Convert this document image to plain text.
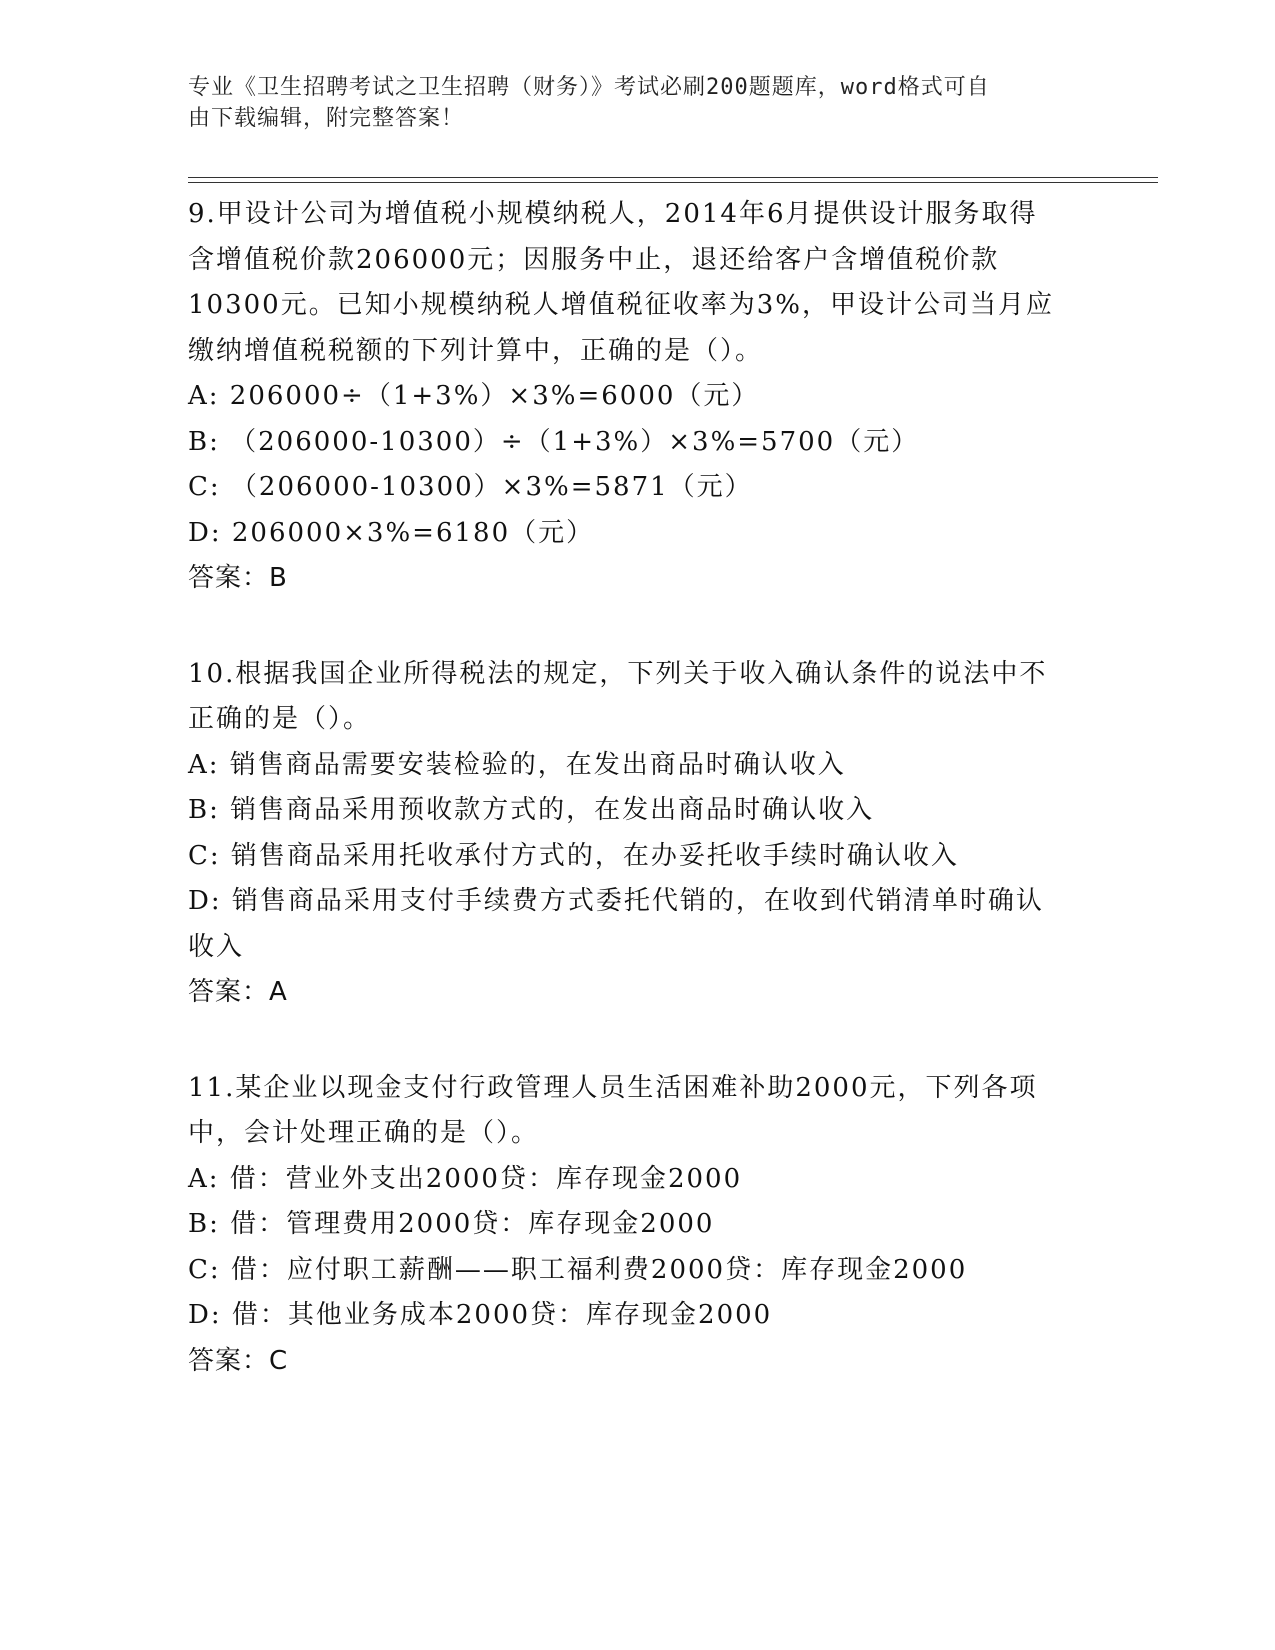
专业《卫生招聘考试之卫生招聘（财务）》考试必刷200题题库，word格式可自
由下载编辑，附完整答案！

9.甲设计公司为增值税小规模纳税人，2014年6月提供设计服务取得

含增值税价款206000元；因服务中止，退还给客户含增值税价款

10300元。已知小规模纳税人增值税征收率为3%，甲设计公司当月应

缴纳增值税税额的下列计算中，正确的是（）。

A: 206000÷（1+3%）×3%=6000（元）

B: （206000-10300）÷（1+3%）×3%=5700（元）

C: （206000-10300）×3%=5871（元）

D: 206000×3%=6180（元）

答案：B

10.根据我国企业所得税法的规定，下列关于收入确认条件的说法中不

正确的是（）。

A: 销售商品需要安装检验的，在发出商品时确认收入

B: 销售商品采用预收款方式的，在发出商品时确认收入

C: 销售商品采用托收承付方式的，在办妥托收手续时确认收入

D: 销售商品采用支付手续费方式委托代销的，在收到代销清单时确认

收入

答案：A

11.某企业以现金支付行政管理人员生活困难补助2000元，下列各项

中，会计处理正确的是（）。

A: 借：营业外支出2000贷：库存现金2000

B: 借：管理费用2000贷：库存现金2000

C: 借：应付职工薪酬——职工福利费2000贷：库存现金2000

D: 借：其他业务成本2000贷：库存现金2000

答案：C
